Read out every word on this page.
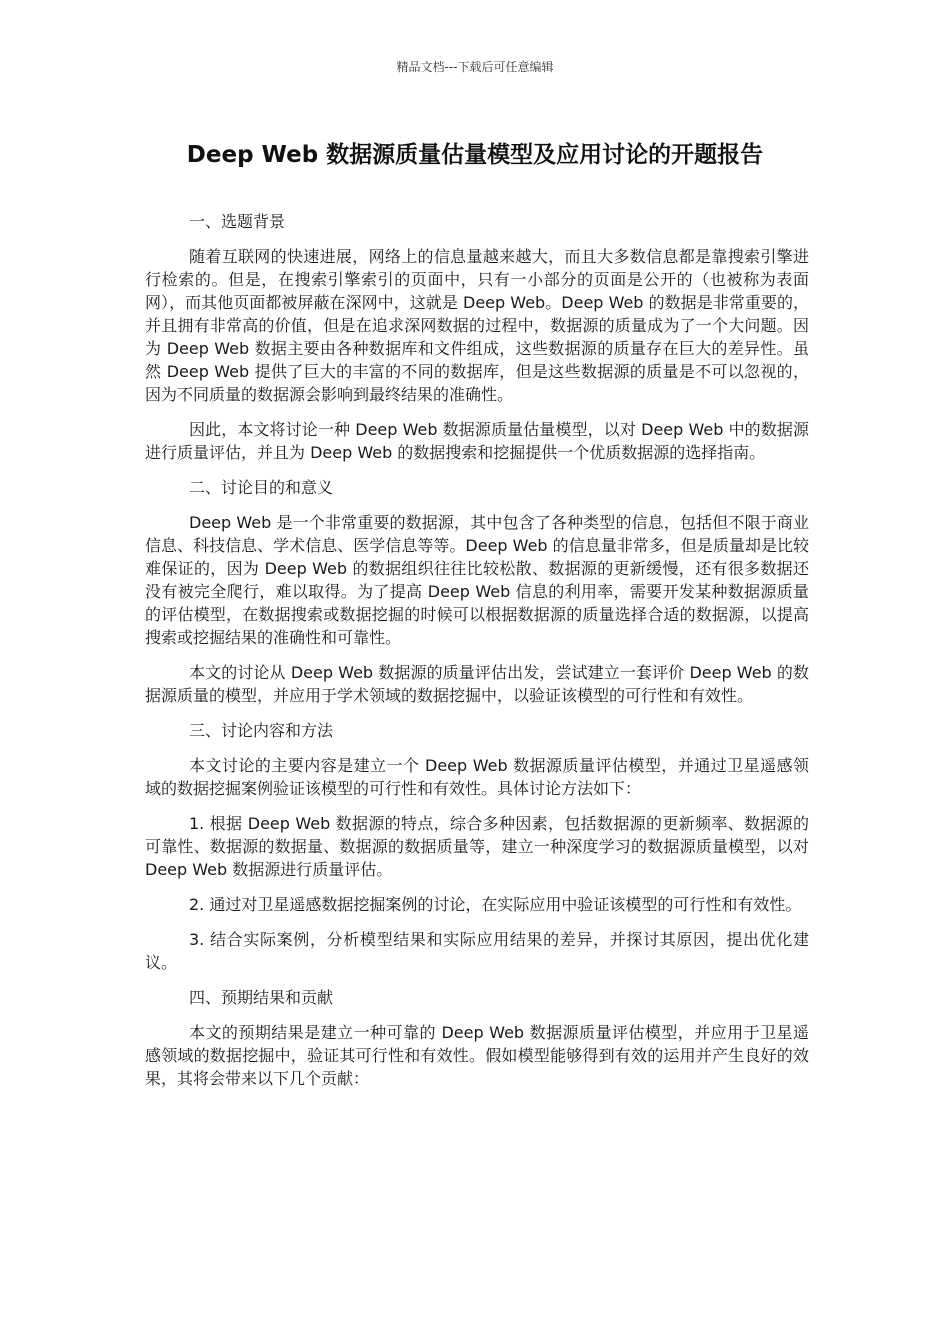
精品文档---下载后可任意编辑
Deep Web 数据源质量估量模型及应用讨论的开题报告
一、选题背景

随着互联网的快速进展，网络上的信息量越来越大，而且大多数信息都是靠搜索引擎进行检索的。但是，在搜索引擎索引的页面中，只有一小部分的页面是公开的（也被称为表面网），而其他页面都被屏蔽在深网中，这就是 Deep Web。Deep Web 的数据是非常重要的，并且拥有非常高的价值，但是在追求深网数据的过程中，数据源的质量成为了一个大问题。因为 Deep Web 数据主要由各种数据库和文件组成，这些数据源的质量存在巨大的差异性。虽然 Deep Web 提供了巨大的丰富的不同的数据库，但是这些数据源的质量是不可以忽视的，因为不同质量的数据源会影响到最终结果的准确性。

因此，本文将讨论一种 Deep Web 数据源质量估量模型，以对 Deep Web 中的数据源进行质量评估，并且为 Deep Web 的数据搜索和挖掘提供一个优质数据源的选择指南。

二、讨论目的和意义

Deep Web 是一个非常重要的数据源，其中包含了各种类型的信息，包括但不限于商业信息、科技信息、学术信息、医学信息等等。Deep Web 的信息量非常多，但是质量却是比较难保证的，因为 Deep Web 的数据组织往往比较松散、数据源的更新缓慢，还有很多数据还没有被完全爬行，难以取得。为了提高 Deep Web 信息的利用率，需要开发某种数据源质量的评估模型，在数据搜索或数据挖掘的时候可以根据数据源的质量选择合适的数据源，以提高搜索或挖掘结果的准确性和可靠性。

本文的讨论从 Deep Web 数据源的质量评估出发，尝试建立一套评价 Deep Web 的数据源质量的模型，并应用于学术领域的数据挖掘中，以验证该模型的可行性和有效性。

三、讨论内容和方法

本文讨论的主要内容是建立一个 Deep Web 数据源质量评估模型，并通过卫星遥感领域的数据挖掘案例验证该模型的可行性和有效性。具体讨论方法如下：

1. 根据 Deep Web 数据源的特点，综合多种因素，包括数据源的更新频率、数据源的可靠性、数据源的数据量、数据源的数据质量等，建立一种深度学习的数据源质量模型，以对 Deep Web 数据源进行质量评估。

2. 通过对卫星遥感数据挖掘案例的讨论，在实际应用中验证该模型的可行性和有效性。

3. 结合实际案例，分析模型结果和实际应用结果的差异，并探讨其原因，提出优化建议。

四、预期结果和贡献

本文的预期结果是建立一种可靠的 Deep Web 数据源质量评估模型，并应用于卫星遥感领域的数据挖掘中，验证其可行性和有效性。假如模型能够得到有效的运用并产生良好的效果，其将会带来以下几个贡献：
